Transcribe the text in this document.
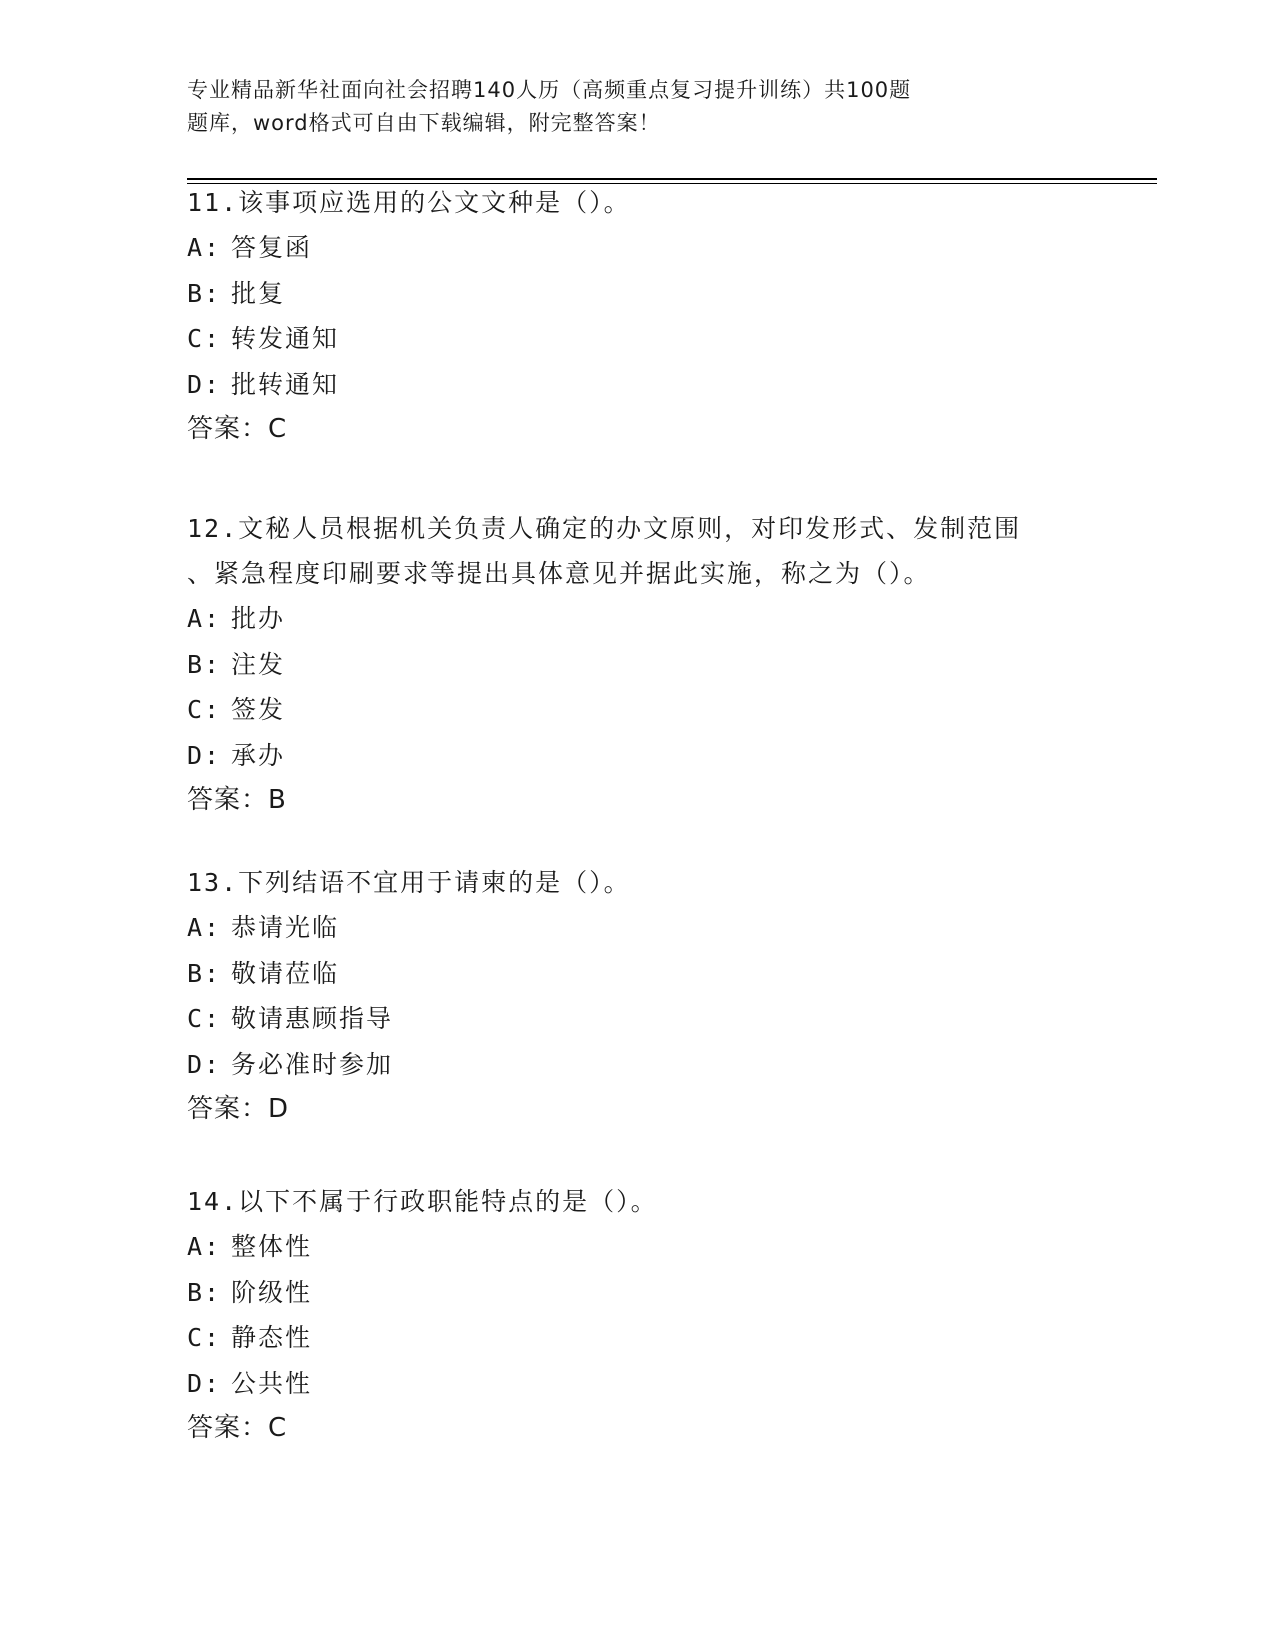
专业精品新华社面向社会招聘140人历（高频重点复习提升训练）共100题
题库，word格式可自由下载编辑，附完整答案！
11.该事项应选用的公文文种是（）。
A: 答复函
B: 批复
C: 转发通知
D: 批转通知
答案：C
12.文秘人员根据机关负责人确定的办文原则，对印发形式、发制范围
、紧急程度印刷要求等提出具体意见并据此实施，称之为（）。
A: 批办
B: 注发
C: 签发
D: 承办
答案：B
13.下列结语不宜用于请柬的是（）。
A: 恭请光临
B: 敬请莅临
C: 敬请惠顾指导
D: 务必准时参加
答案：D
14.以下不属于行政职能特点的是（）。
A: 整体性
B: 阶级性
C: 静态性
D: 公共性
答案：C
